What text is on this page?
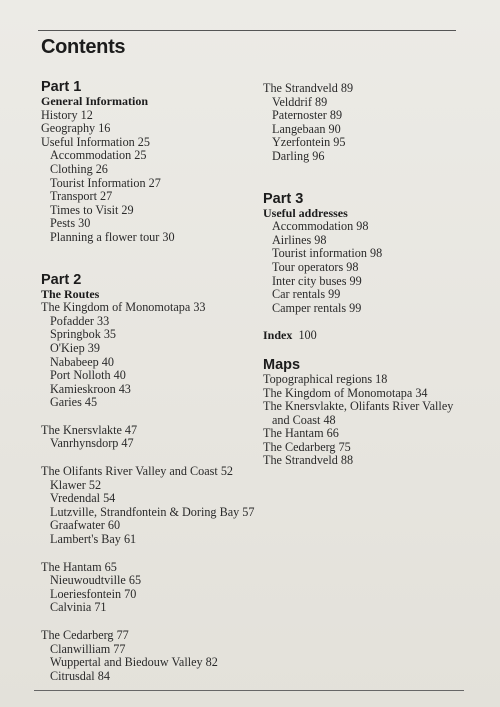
Contents
Part 1
General Information
History 12
Geography 16
Useful Information 25
Accommodation 25
Clothing 26
Tourist Information 27
Transport 27
Times to Visit 29
Pests 30
Planning a flower tour 30
Part 2
The Routes
The Kingdom of Monomotapa 33
Pofadder 33
Springbok 35
O'Kiep 39
Nababeep 40
Port Nolloth 40
Kamieskroon 43
Garies 45
The Knersvlakte 47
Vanrhynsdorp 47
The Olifants River Valley and Coast 52
Klawer 52
Vredendal 54
Lutzville, Strandfontein & Doring Bay 57
Graafwater 60
Lambert's Bay 61
The Hantam 65
Nieuwoudtville 65
Loeriesfontein 70
Calvinia 71
The Cedarberg 77
Clanwilliam 77
Wuppertal and Biedouw Valley 82
Citrusdal 84
The Strandveld 89
Velddrif 89
Paternoster 89
Langebaan 90
Yzerfontein 95
Darling 96
Part 3
Useful addresses
Accommodation 98
Airlines 98
Tourist information 98
Tour operators 98
Inter city buses 99
Car rentals 99
Camper rentals 99
Index 100
Maps
Topographical regions 18
The Kingdom of Monomotapa 34
The Knersvlakte, Olifants River Valley
and Coast 48
The Hantam 66
The Cedarberg 75
The Strandveld 88
